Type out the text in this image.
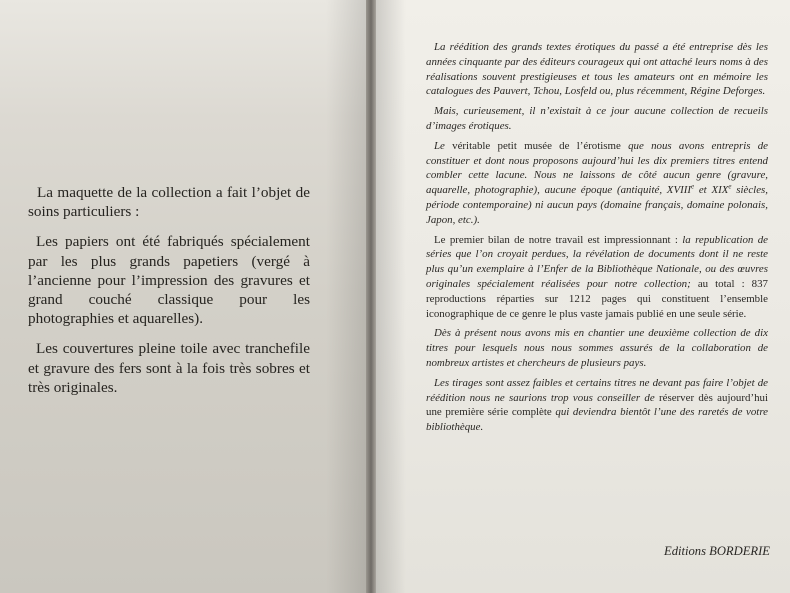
La maquette de la collection a fait l’objet de soins particuliers :

Les papiers ont été fabriqués spécialement par les plus grands papetiers (vergé à l’ancienne pour l’impression des gravures et grand couché classique pour les photographies et aquarelles).

Les couvertures pleine toile avec tranchefile et gravure des fers sont à la fois très sobres et très originales.

La réédition des grands textes érotiques du passé a été entreprise dès les années cinquante par des éditeurs courageux qui ont attaché leurs noms à des réalisations souvent prestigieuses et tous les amateurs ont en mémoire les catalogues des Pauvert, Tchou, Losfeld ou, plus récemment, Régine Deforges.

Mais, curieusement, il n’existait à ce jour aucune collection de recueils d’images érotiques.

Le véritable petit musée de l’érotisme que nous avons entrepris de constituer et dont nous proposons aujourd’hui les dix premiers titres entend combler cette lacune. Nous ne laissons de côté aucun genre (gravure, aquarelle, photographie), aucune époque (antiquité, XVIIIe et XIXe siècles, période contemporaine) ni aucun pays (domaine français, domaine polonais, Japon, etc.).

Le premier bilan de notre travail est impressionnant : la republication de séries que l’on croyait perdues, la révélation de documents dont il ne reste plus qu’un exemplaire à l’Enfer de la Bibliothèque Nationale, ou des œuvres originales spécialement réalisées pour notre collection; au total : 837 reproductions réparties sur 1212 pages qui constituent l’ensemble iconographique de ce genre le plus vaste jamais publié en une seule série.

Dès à présent nous avons mis en chantier une deuxième collection de dix titres pour lesquels nous nous sommes assurés de la collaboration de nombreux artistes et chercheurs de plusieurs pays.

Les tirages sont assez faibles et certains titres ne devant pas faire l’objet de réédition nous ne saurions trop vous conseiller de réserver dès aujourd’hui une première série complète qui deviendra bientôt l’une des raretés de votre bibliothèque.

Editions BORDERIE
